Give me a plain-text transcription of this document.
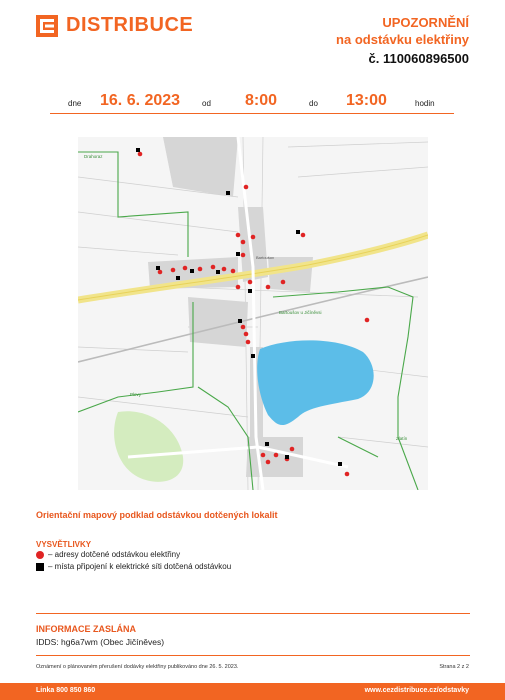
DISTRIBUCE	UPOZORNĚNÍ
na odstávku elektřiny
č. 110060896500
dne 16. 6. 2023	od 8:00	do 13:00	hodin
Drahoraz
Bartoušov u Jičíněvsi
Plevy
Zlatín
Bartoušov
Orientační mapový podklad odstávkou dotčených lokalit
VYSVĚTLIVKY
– adresy dotčené odstávkou elektřiny
– místa připojení k elektrické síti dotčená odstávkou
INFORMACE ZASLÁNA
IDDS: hg6a7wm (Obec Jičíněves)
Oznámení o plánovaném přerušení dodávky elektřiny publikováno dne 26. 5. 2023.	Strana 2 z 2
Linka 800 850 860	www.cezdistribuce.cz/odstavky
